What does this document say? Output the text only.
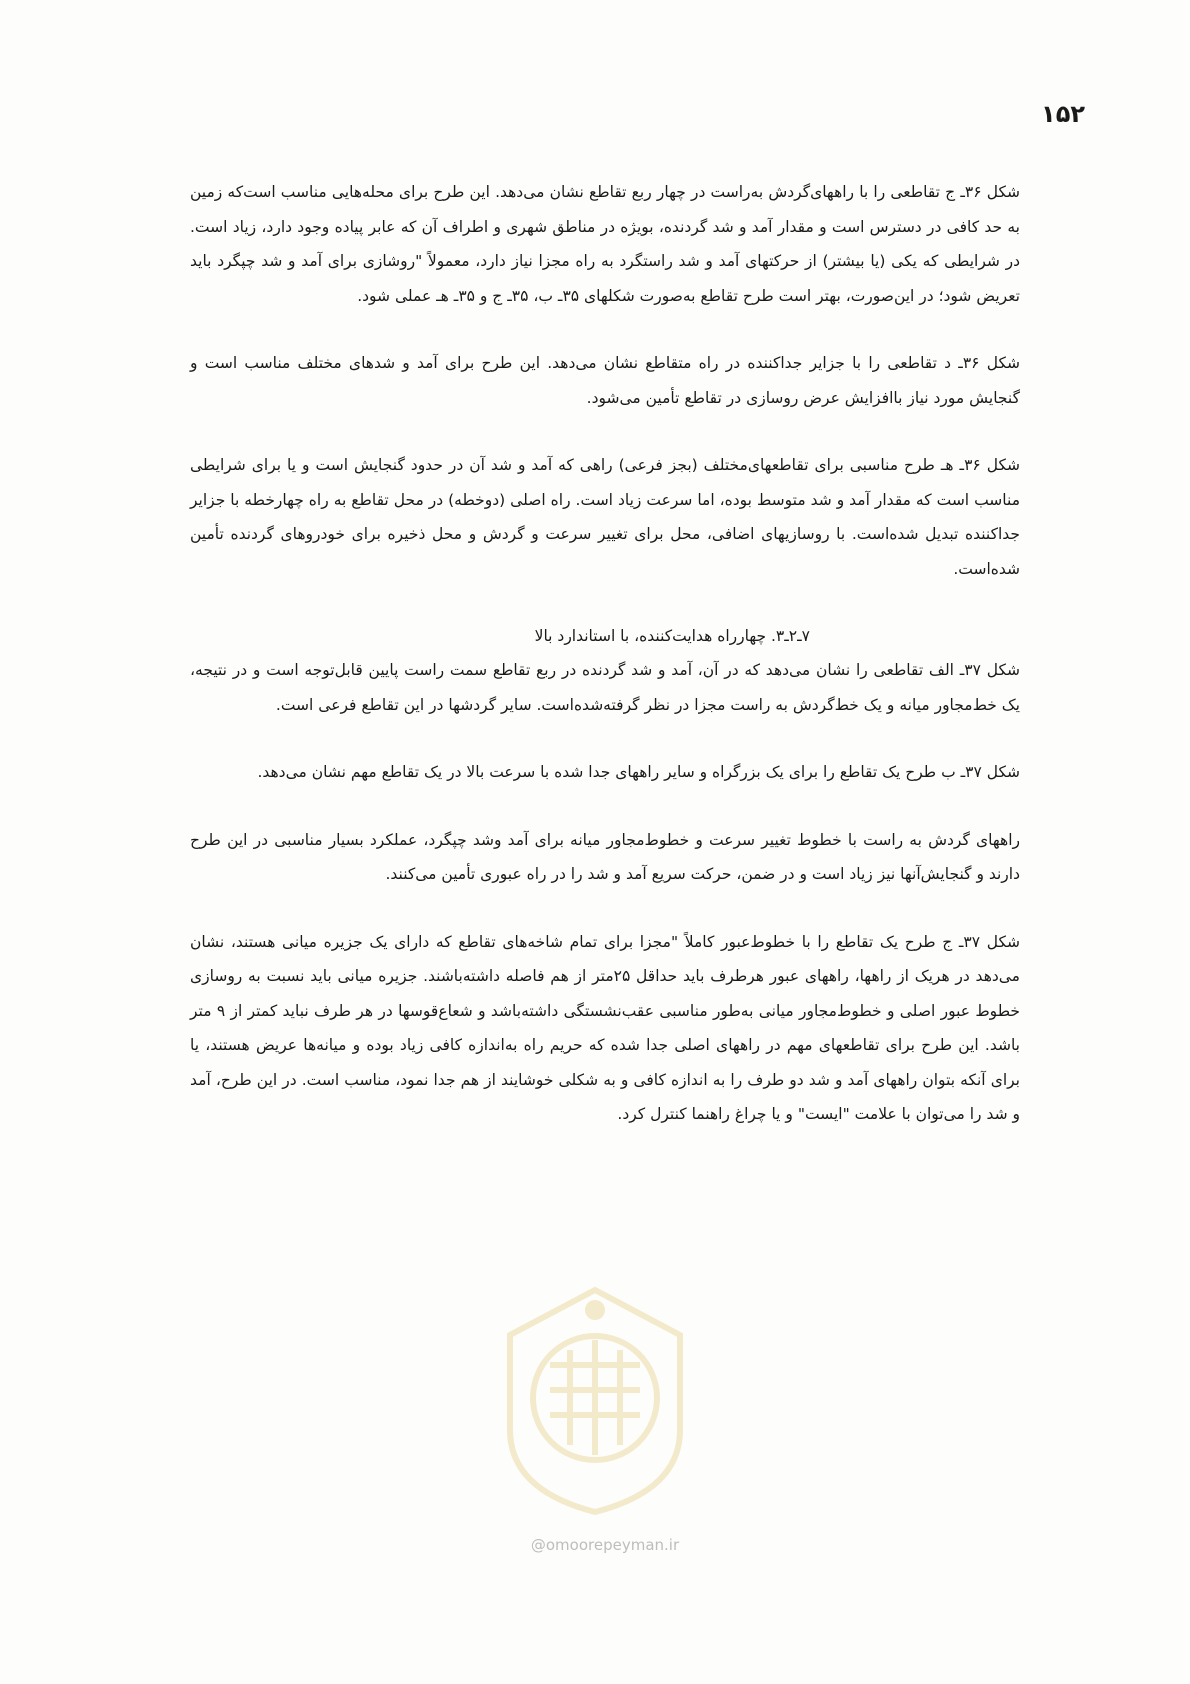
۱۵۲

شکل ۳۶ـ ج تقاطعی را با راههای‌گردش به‌راست در چهار ربع تقاطع نشان می‌دهد. این طرح برای محله‌هایی مناسب است‌که زمین به حد کافی در دسترس است و مقدار آمد و شد گردنده، بویژه در مناطق شهری و اطراف آن که عابر پیاده وجود دارد، زیاد است. در شرایطی که یکی (یا بیشتر) از حرکتهای آمد و شد راستگرد به راه مجزا نیاز دارد، معمولاً "روشازی برای آمد و شد چپگرد باید تعریض شود؛ در این‌صورت، بهتر است طرح تقاطع به‌صورت شکلهای ۳۵ـ ب، ۳۵ـ ج و ۳۵ـ هـ عملی شود.

شکل ۳۶ـ د تقاطعی را با جزایر جداکننده در راه متقاطع نشان می‌دهد. این طرح برای آمد و شدهای مختلف مناسب است و گنجایش مورد نیاز باافزایش عرض روسازی در تقاطع تأمین می‌شود.

شکل ۳۶ـ هـ طرح مناسبی برای تقاطعهای‌مختلف (بجز فرعی) راهی که آمد و شد آن در حدود گنجایش است و یا برای شرایطی مناسب است که مقدار آمد و شد متوسط بوده، اما سرعت زیاد است. راه اصلی (دوخطه) در محل تقاطع به راه چهارخطه با جزایر جداکننده تبدیل شده‌است. با روسازیهای اضافی، محل برای تغییر سرعت و گردش و محل ذخیره برای خودروهای گردنده تأمین شده‌است.

۷ـ۲ـ۳. چهارراه هدایت‌کننده، با استاندارد بالا

شکل ۳۷ـ الف تقاطعی را نشان می‌دهد که در آن، آمد و شد گردنده در ربع تقاطع سمت راست پایین قابل‌توجه است و در نتیجه، یک خط‌مجاور میانه و یک خط‌گردش به راست مجزا در نظر گرفته‌شده‌است. سایر گردشها در این تقاطع فرعی است.

شکل ۳۷ـ ب طرح یک تقاطع را برای یک بزرگراه و سایر راههای جدا شده با سرعت بالا در یک تقاطع مهم نشان می‌دهد.

راههای گردش به راست با خطوط تغییر سرعت و خطوط‌مجاور میانه برای آمد وشد چپگرد، عملکرد بسیار مناسبی در این طرح دارند و گنجایش‌آنها نیز زیاد است و در ضمن، حرکت سریع آمد و شد را در راه عبوری تأمین می‌کنند.

شکل ۳۷ـ ج طرح یک تقاطع را با خطوط‌عبور کاملاً "مجزا برای تمام شاخه‌های تقاطع که دارای یک جزیره میانی هستند، نشان می‌دهد در هریک از راهها، راههای عبور هرطرف باید حداقل ۲۵متر از هم فاصله داشته‌باشند. جزیره میانی باید نسبت به روسازی خطوط عبور اصلی و خطوط‌مجاور میانی به‌طور مناسبی عقب‌نشستگی داشته‌باشد و شعاع‌قوسها در هر طرف نباید کمتر از ۹ متر باشد. این طرح برای تقاطعهای مهم در راههای اصلی جدا شده که حریم راه به‌اندازه کافی زیاد بوده و میانه‌ها عریض هستند، یا برای آنکه بتوان راههای آمد و شد دو طرف را به اندازه کافی و به شکلی خوشایند از هم جدا نمود، مناسب است. در این طرح، آمد و شد را می‌توان با علامت "ایست" و یا چراغ راهنما کنترل کرد.

@omoorepeyman.ir
